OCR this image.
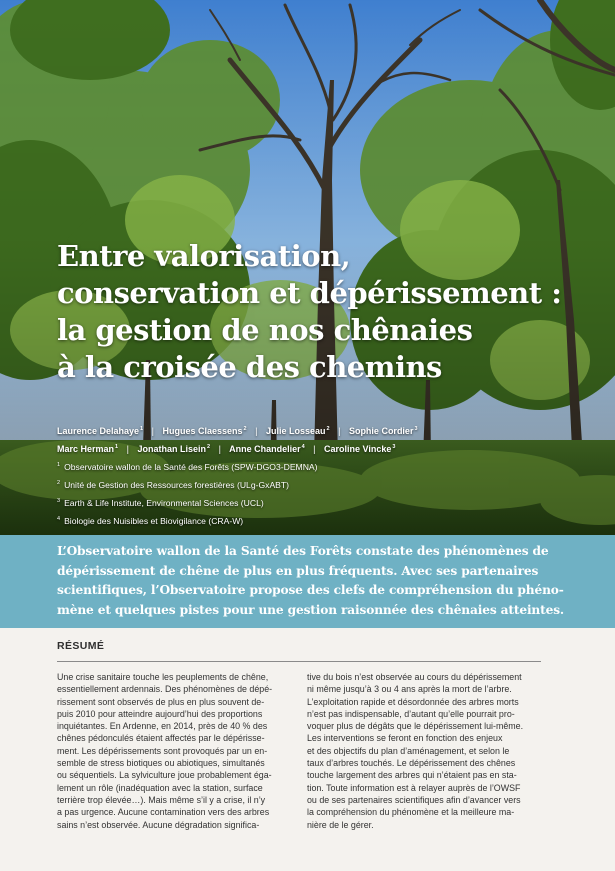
Entre valorisation,
conservation et dépérissement :
la gestion de nos chênaies
à la croisée des chemins
Laurence Delahaye$^1$ | Hugues Claessens$^2$ | Julie Losseau$^2$ | Sophie Cordier$^3$
Marc Herman$^1$ | Jonathan Lisein$^2$ | Anne Chandelier$^4$ | Caroline Vincke$^3$
$^1$ Observatoire wallon de la Santé des Forêts (SPW-DGO3-DEMNA)
$^2$ Unité de Gestion des Ressources forestières (ULg-GxABT)
$^3$ Earth & Life Institute, Environmental Sciences (UCL)
$^4$ Biologie des Nuisibles et Biovigilance (CRA-W)

L’Observatoire wallon de la Santé des Forêts constate des phénomènes de
dépérissement de chêne de plus en plus fréquents. Avec ses partenaires
scientifiques, l’Observatoire propose des clefs de compréhension du phéno-
mène et quelques pistes pour une gestion raisonnée des chênaies atteintes.

RÉSUMÉ
Une crise sanitaire touche les peuplements de chêne,
essentiellement ardennais. Des phénomènes de dépé-
rissement sont observés de plus en plus souvent de-
puis 2010 pour atteindre aujourd’hui des proportions
inquiétantes. En Ardenne, en 2014, près de 40 % des
chênes pédonculés étaient affectés par le dépérisse-
ment. Les dépérissements sont provoqués par un en-
semble de stress biotiques ou abiotiques, simultanés
ou séquentiels. La sylviculture joue probablement éga-
lement un rôle (inadéquation avec la station, surface
terrière trop élevée…). Mais même s’il y a crise, il n’y
a pas urgence. Aucune contamination vers des arbres
sains n’est observée. Aucune dégradation significa-
tive du bois n’est observée au cours du dépérissement
ni même jusqu’à 3 ou 4 ans après la mort de l’arbre.
L’exploitation rapide et désordonnée des arbres morts
n’est pas indispensable, d’autant qu’elle pourrait pro-
voquer plus de dégâts que le dépérissement lui-même.
Les interventions se feront en fonction des enjeux
et des objectifs du plan d’aménagement, et selon le
taux d’arbres touchés. Le dépérissement des chênes
touche largement des arbres qui n’étaient pas en sta-
tion. Toute information est à relayer auprès de l’OWSF
ou de ses partenaires scientifiques afin d’avancer vers
la compréhension du phénomène et la meilleure ma-
nière de le gérer.
